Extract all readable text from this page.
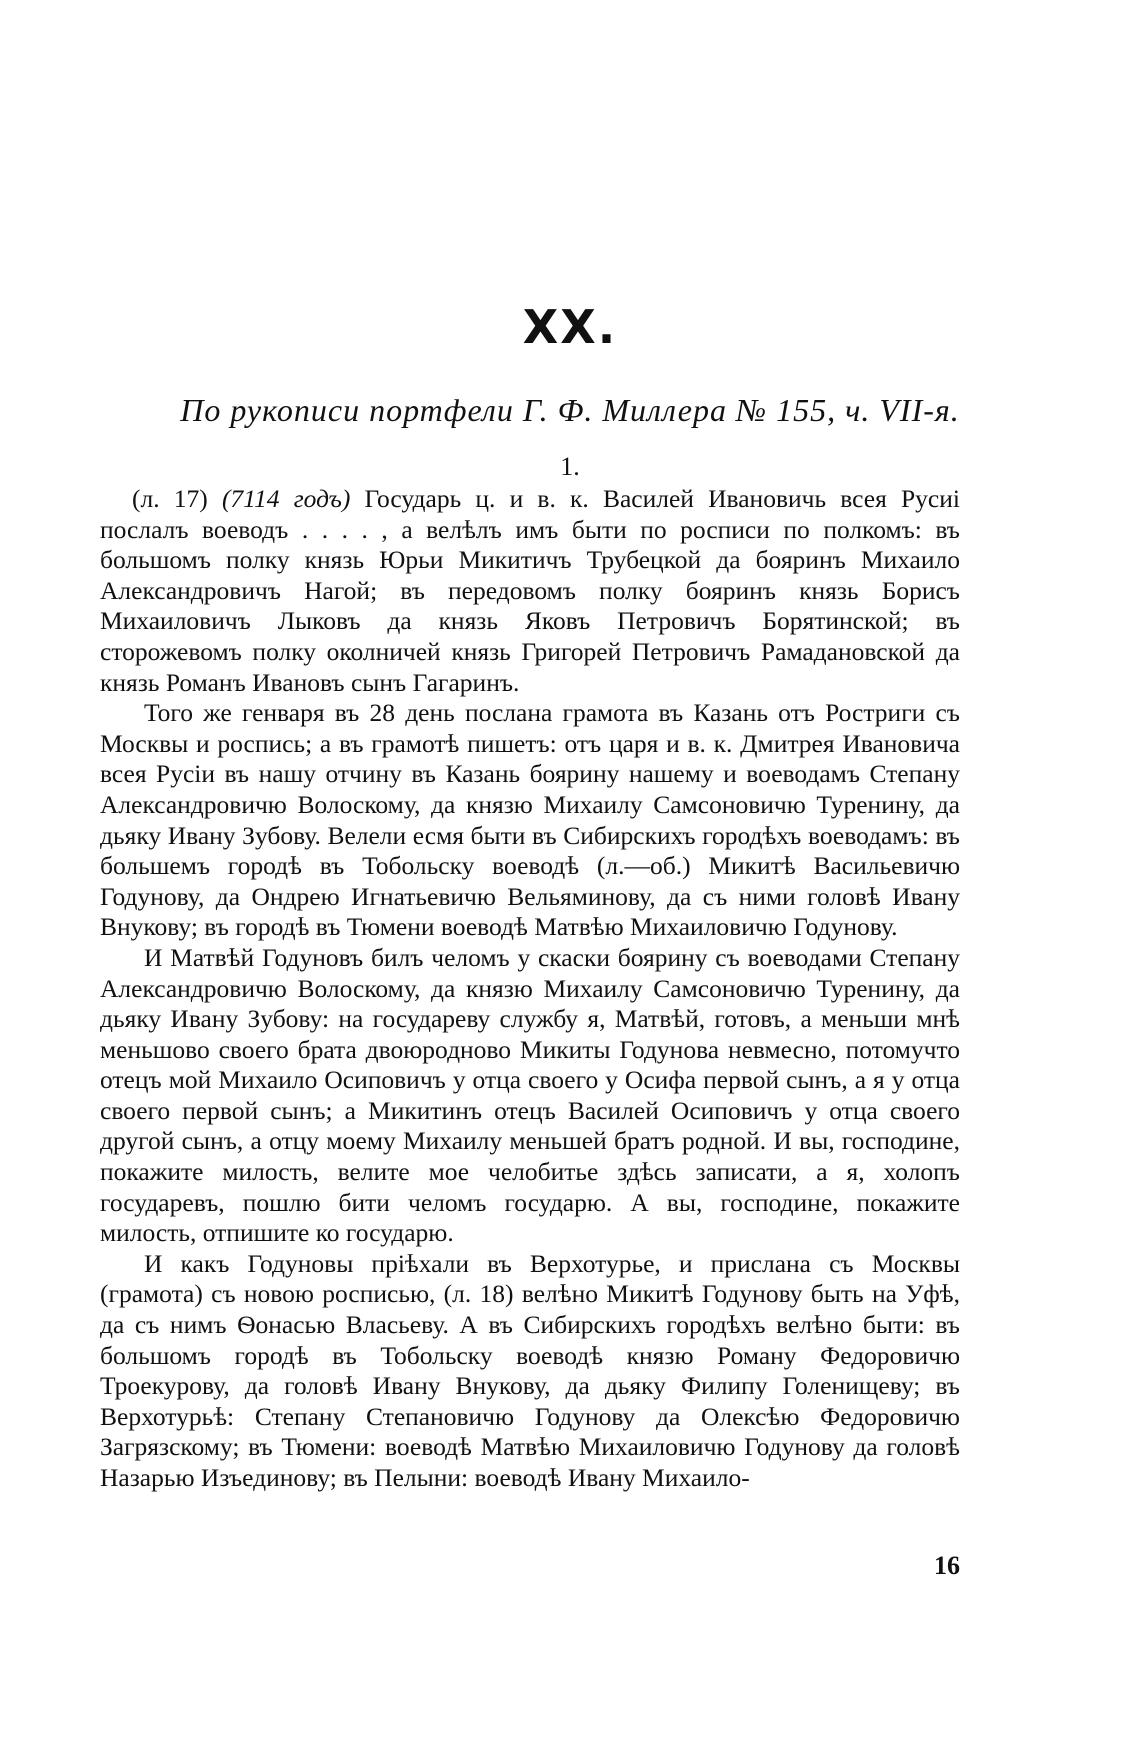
XX.
По рукописи портфели Г. Ф. Миллера № 155, ч. VII-я.
1.

(л. 17) (7114 годъ) Государь ц. и в. к. Василей Ивановичь всея Русиі послалъ воеводъ . . . . , а велѣлъ имъ быти по росписи по полкомъ: въ большомъ полку князь Юрьи Микитичъ Трубецкой да бояринъ Михаило Александровичъ Нагой; въ передовомъ полку бояринъ князь Борисъ Михаиловичъ Лыковъ да князь Яковъ Петровичъ Борятинской; въ сторожевомъ полку околничей князь Григорей Петровичъ Рамадановской да князь Романъ Ивановъ сынъ Гагаринъ.

Того же генваря въ 28 день послана грамота въ Казань отъ Ростриги съ Москвы и роспись; а въ грамотѣ пишетъ: отъ царя и в. к. Дмитрея Ивановича всея Русіи въ нашу отчину въ Казань боярину нашему и воеводамъ Степану Александровичю Волоскому, да князю Михаилу Самсоновичю Туренину, да дьяку Ивану Зубову. Велели есмя быти въ Сибирскихъ городѣхъ воеводамъ: въ большемъ городѣ въ Тобольску воеводѣ (л.—об.) Микитѣ Васильевичю Годунову, да Ондрею Игнатьевичю Вельяминову, да съ ними головѣ Ивану Внукову; въ городѣ въ Тюмени воеводѣ Матвѣю Михаиловичю Годунову.

И Матвѣй Годуновъ билъ челомъ у скаски боярину съ воеводами Степану Александровичю Волоскому, да князю Михаилу Самсоновичю Туренину, да дьяку Ивану Зубову: на государеву службу я, Матвѣй, готовъ, а меньши мнѣ меньшово своего брата двоюродново Микиты Годунова невмесно, потомучто отецъ мой Михаило Осиповичъ у отца своего у Осифа первой сынъ, а я у отца своего первой сынъ; а Микитинъ отецъ Василей Осиповичъ у отца своего другой сынъ, а отцу моему Михаилу меньшей братъ родной. И вы, господине, покажите милость, велите мое челобитье здѣсь записати, а я, холопъ государевъ, пошлю бити челомъ государю. А вы, господине, покажите милость, отпишите ко государю.

И какъ Годуновы пріѣхали въ Верхотурье, и прислана съ Москвы (грамота) съ новою росписью, (л. 18) велѣно Микитѣ Годунову быть на Уфѣ, да съ нимъ Ѳонасью Власьеву. А въ Сибирскихъ городѣхъ велѣно быти: въ большомъ городѣ въ Тобольску воеводѣ князю Роману Федоровичю Троекурову, да головѣ Ивану Внукову, да дьяку Филипу Голенищеву; въ Верхотурьѣ: Степану Степановичю Годунову да Олексѣю Федоровичю Загрязскому; въ Тюмени: воеводѣ Матвѣю Михаиловичю Годунову да головѣ Назарью Изъединову; въ Пелыни: воеводѣ Ивану Михаило-

16
